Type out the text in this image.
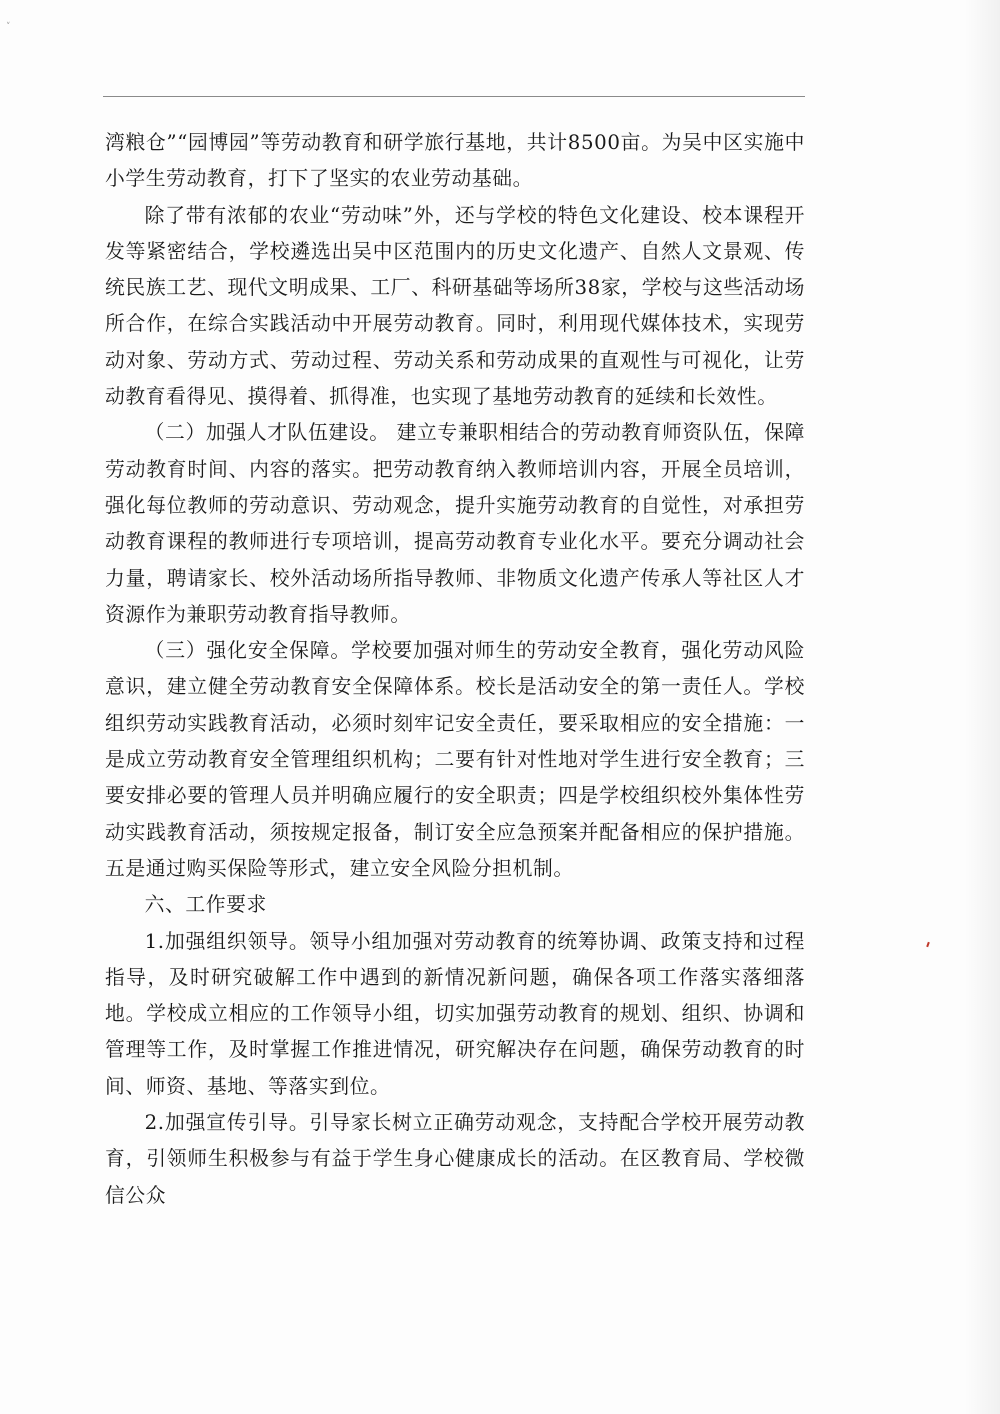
˅

湾粮仓”“园博园”等劳动教育和研学旅行基地，共计8500亩。为吴中区实施中小学生劳动教育，打下了坚实的农业劳动基础。

除了带有浓郁的农业“劳动味”外，还与学校的特色文化建设、校本课程开发等紧密结合，学校遴选出吴中区范围内的历史文化遗产、自然人文景观、传统民族工艺、现代文明成果、工厂、科研基础等场所38家，学校与这些活动场所合作，在综合实践活动中开展劳动教育。同时，利用现代媒体技术，实现劳动对象、劳动方式、劳动过程、劳动关系和劳动成果的直观性与可视化，让劳动教育看得见、摸得着、抓得准，也实现了基地劳动教育的延续和长效性。

（二）加强人才队伍建设。 建立专兼职相结合的劳动教育师资队伍，保障劳动教育时间、内容的落实。把劳动教育纳入教师培训内容，开展全员培训，强化每位教师的劳动意识、劳动观念，提升实施劳动教育的自觉性，对承担劳动教育课程的教师进行专项培训，提高劳动教育专业化水平。要充分调动社会力量，聘请家长、校外活动场所指导教师、非物质文化遗产传承人等社区人才资源作为兼职劳动教育指导教师。

（三）强化安全保障。学校要加强对师生的劳动安全教育，强化劳动风险意识，建立健全劳动教育安全保障体系。校长是活动安全的第一责任人。学校组织劳动实践教育活动，必须时刻牢记安全责任，要采取相应的安全措施：一是成立劳动教育安全管理组织机构；二要有针对性地对学生进行安全教育；三要安排必要的管理人员并明确应履行的安全职责；四是学校组织校外集体性劳动实践教育活动，须按规定报备，制订安全应急预案并配备相应的保护措施。五是通过购买保险等形式，建立安全风险分担机制。

六、工作要求

1.加强组织领导。领导小组加强对劳动教育的统筹协调、政策支持和过程指导，及时研究破解工作中遇到的新情况新问题，确保各项工作落实落细落地。学校成立相应的工作领导小组，切实加强劳动教育的规划、组织、协调和管理等工作，及时掌握工作推进情况，研究解决存在问题，确保劳动教育的时间、师资、基地、等落实到位。

2.加强宣传引导。引导家长树立正确劳动观念，支持配合学校开展劳动教育，引领师生积极参与有益于学生身心健康成长的活动。在区教育局、学校微信公众
